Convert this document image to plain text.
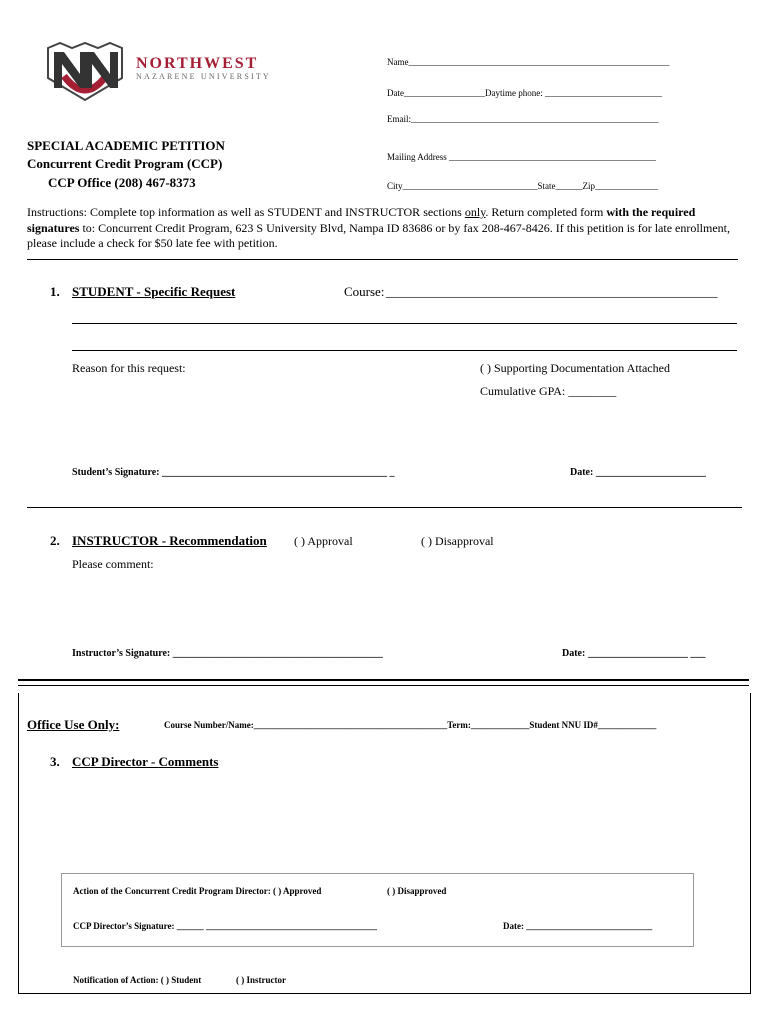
NORTHWEST
NAZARENE UNIVERSITY
Name__________________________________________________________
Date__________________Daytime phone: __________________________
Email:_______________________________________________________
Mailing Address ______________________________________________
City______________________________State______Zip______________
SPECIAL ACADEMIC PETITION
Concurrent Credit Program (CCP)
CCP Office (208) 467-8373
Instructions: Complete top information as well as STUDENT and INSTRUCTOR sections only. Return completed form with the required signatures to: Concurrent Credit Program, 623 S University Blvd, Nampa ID 83686 or by fax 208-467-8426. If this petition is for late enrollment, please include a check for $50 late fee with petition.
1. STUDENT - Specific Request	Course: ___________________________________________________
Reason for this request:	( ) Supporting Documentation Attached
Cumulative GPA: ________
Student’s Signature: _____________________________________________ _	Date: ______________________
2. INSTRUCTOR - Recommendation ( ) Approval	( ) Disapproval
Please comment:
Instructor’s Signature: __________________________________________	Date: ____________________ ___
Office Use Only:	Course Number/Name:___________________________________________Term:_____________Student NNU ID#_____________
3. CCP Director - Comments
Action of the Concurrent Credit Program Director: ( ) Approved	( ) Disapproved
CCP Director’s Signature: ______ ______________________________________	Date: ____________________________
Notification of Action: ( ) Student	( ) Instructor
